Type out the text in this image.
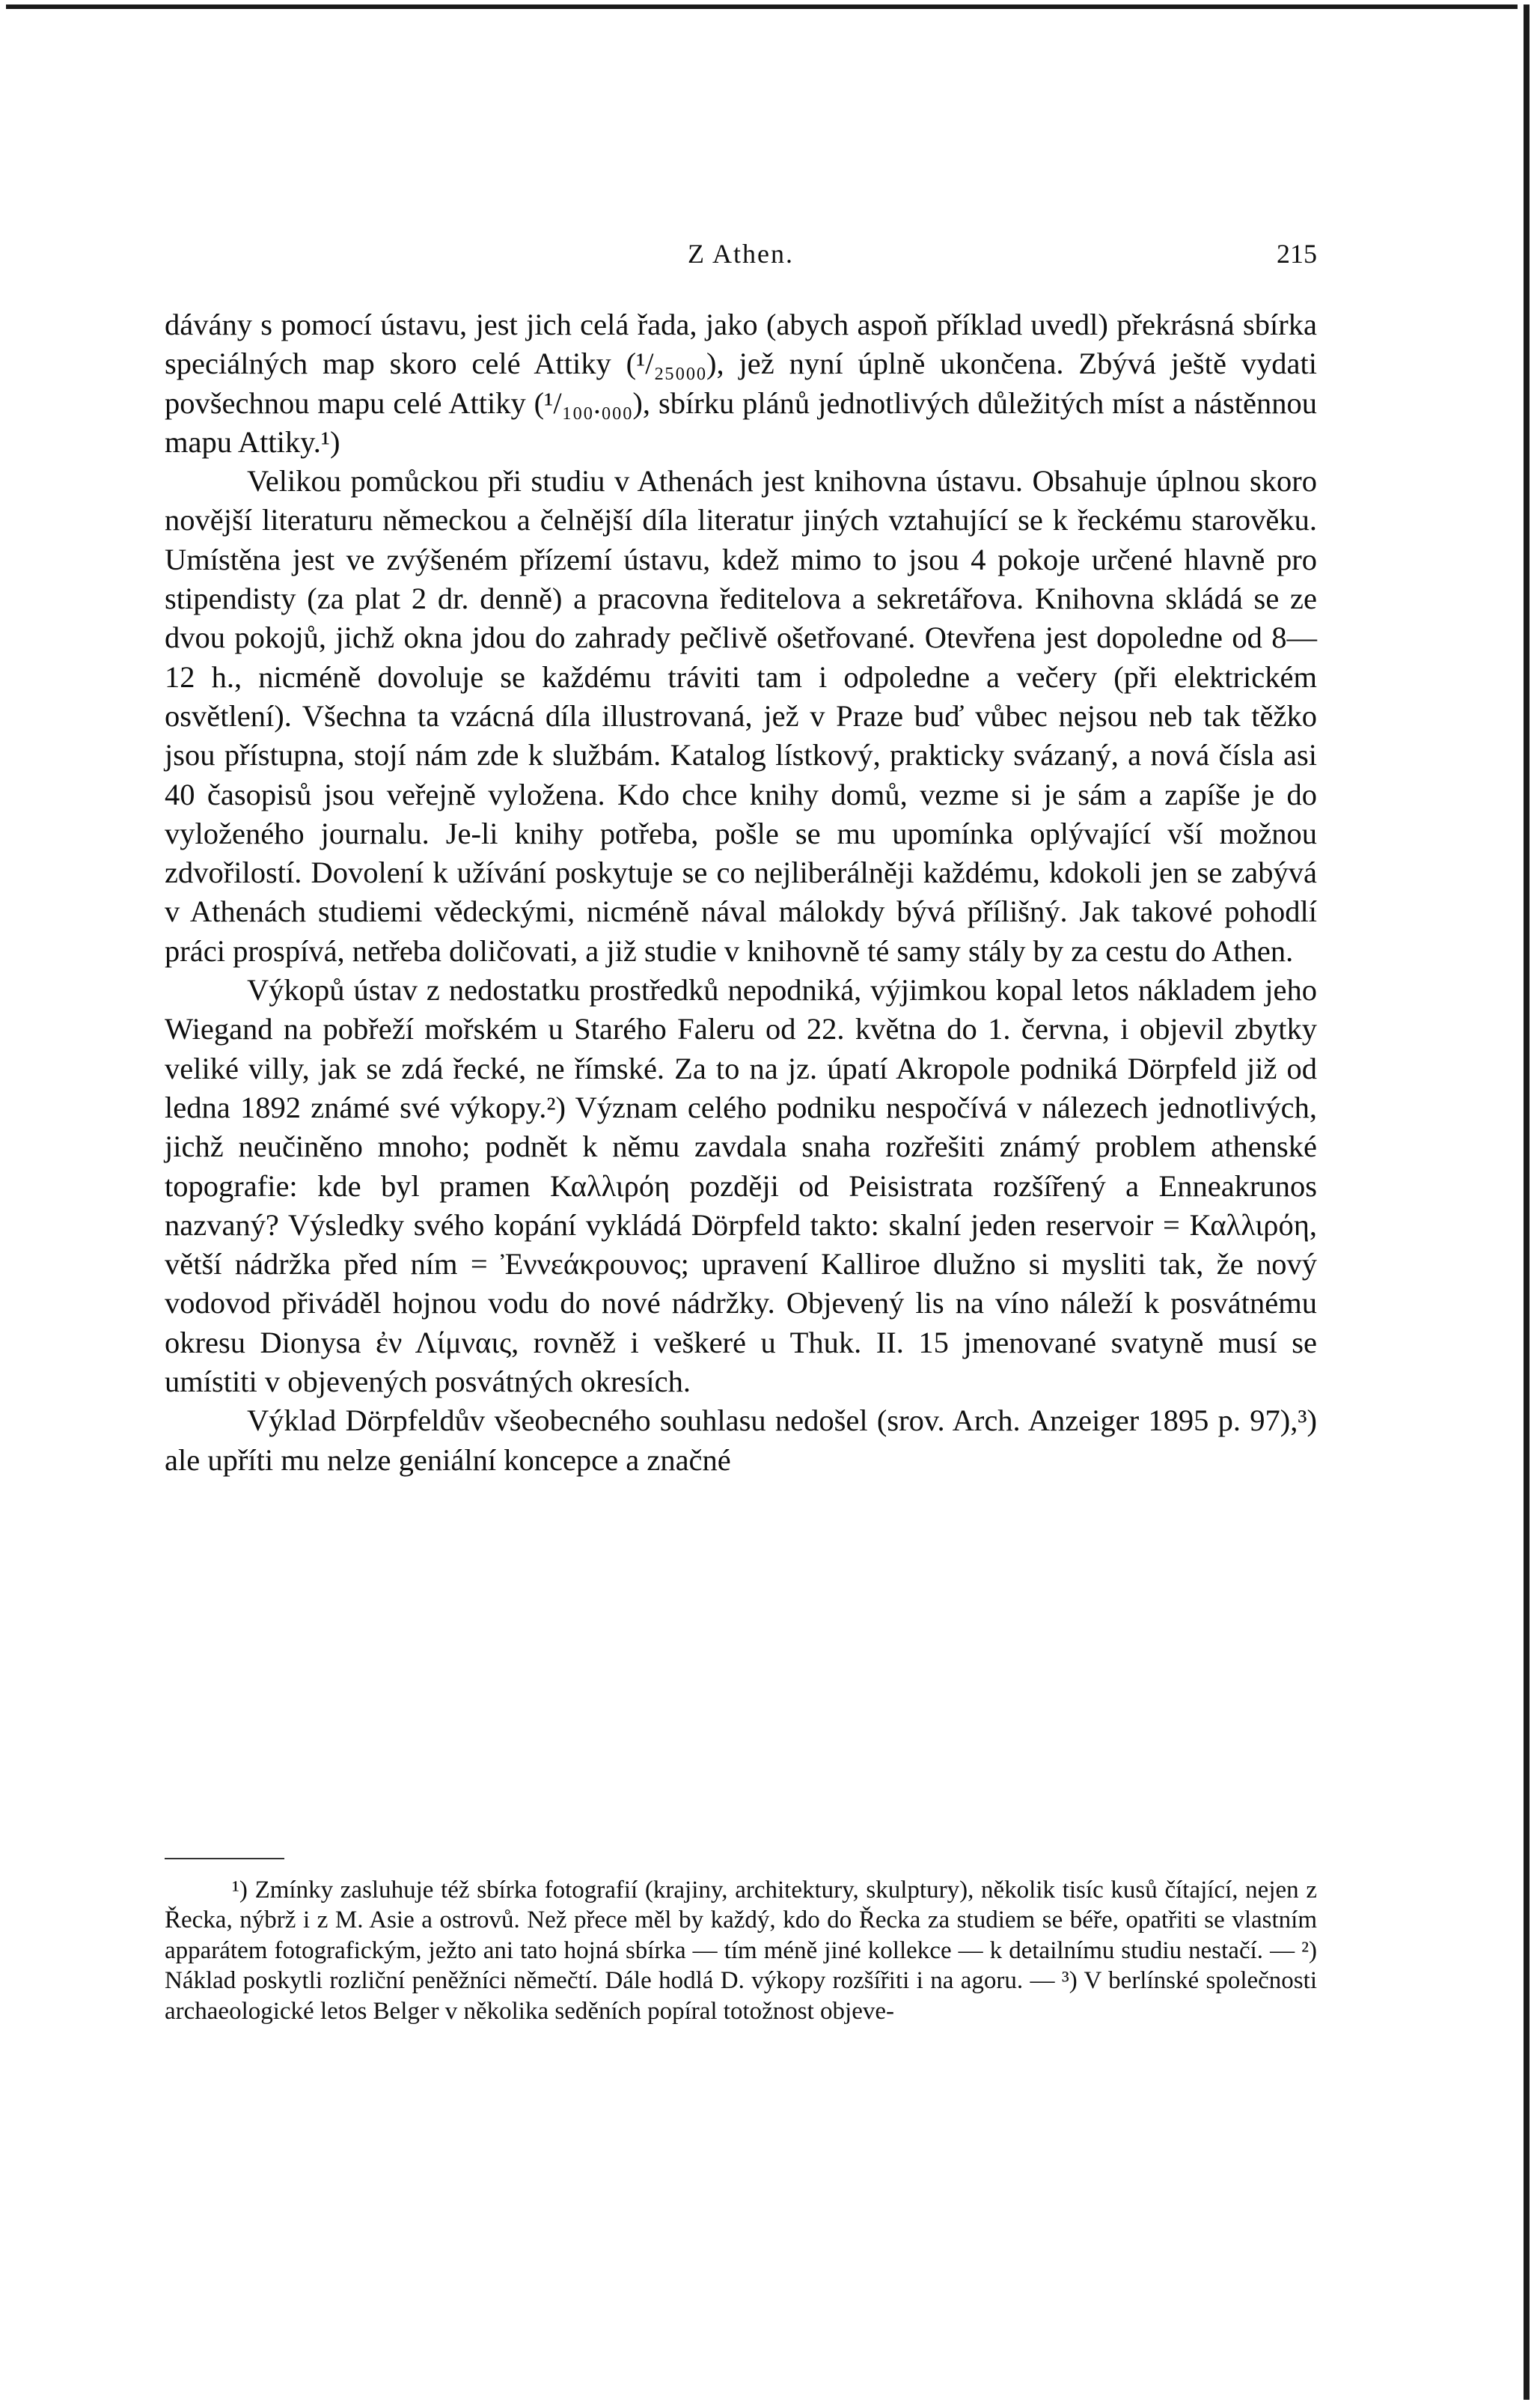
Z Athen.	215

dávány s pomocí ústavu, jest jich celá řada, jako (abych aspoň příklad uvedl) překrásná sbírka speciálných map skoro celé Attiky (¹/₂₅₀₀₀), jež nyní úplně ukončena. Zbývá ještě vydati povšechnou mapu celé Attiky (¹/₁₀₀.₀₀₀), sbírku plánů jednotlivých důležitých míst a nástěnnou mapu Attiky.¹)

Velikou pomůckou při studiu v Athenách jest knihovna ústavu. Obsahuje úplnou skoro novější literaturu německou a čelnější díla literatur jiných vztahující se k řeckému starověku. Umístěna jest ve zvýšeném přízemí ústavu, kdež mimo to jsou 4 pokoje určené hlavně pro stipendisty (za plat 2 dr. denně) a pracovna ředitelova a sekretářova. Knihovna skládá se ze dvou pokojů, jichž okna jdou do zahrady pečlivě ošetřované. Otevřena jest dopoledne od 8—12 h., nicméně dovoluje se každému tráviti tam i odpoledne a večery (při elektrickém osvětlení). Všechna ta vzácná díla illustrovaná, jež v Praze buď vůbec nejsou neb tak těžko jsou přístupna, stojí nám zde k službám. Katalog lístkový, prakticky svázaný, a nová čísla asi 40 časopisů jsou veřejně vyložena. Kdo chce knihy domů, vezme si je sám a zapíše je do vyloženého journalu. Je-li knihy potřeba, pošle se mu upomínka oplývající vší možnou zdvořilostí. Dovolení k užívání poskytuje se co nejliberálněji každému, kdokoli jen se zabývá v Athenách studiemi vědeckými, nicméně nával málokdy bývá přílišný. Jak takové pohodlí práci prospívá, netřeba doličovati, a již studie v knihovně té samy stály by za cestu do Athen.

Výkopů ústav z nedostatku prostředků nepodniká, výjimkou kopal letos nákladem jeho Wiegand na pobřeží mořském u Starého Faleru od 22. května do 1. června, i objevil zbytky veliké villy, jak se zdá řecké, ne římské. Za to na jz. úpatí Akropole podniká Dörpfeld již od ledna 1892 známé své výkopy.²) Význam celého podniku nespočívá v nálezech jednotlivých, jichž neučiněno mnoho; podnět k němu zavdala snaha rozřešiti známý problem athenské topografie: kde byl pramen Καλλιρόη později od Peisistrata rozšířený a Enneakrunos nazvaný? Výsledky svého kopání vykládá Dörpfeld takto: skalní jeden reservoir = Καλλιρόη, větší nádržka před ním = Ἐννεάκρουνος; upravení Kalliroe dlužno si mysliti tak, že nový vodovod přiváděl hojnou vodu do nové nádržky. Objevený lis na víno náleží k posvátnému okresu Dionysa ἐν Λίμναις, rovněž i veškeré u Thuk. II. 15 jmenované svatyně musí se umístiti v objevených posvátných okresích.

Výklad Dörpfeldův všeobecného souhlasu nedošel (srov. Arch. Anzeiger 1895 p. 97),³) ale upříti mu nelze geniální koncepce a značné

¹) Zmínky zasluhuje též sbírka fotografií (krajiny, architektury, skulptury), několik tisíc kusů čítající, nejen z Řecka, nýbrž i z M. Asie a ostrovů. Než přece měl by každý, kdo do Řecka za studiem se béře, opatřiti se vlastním apparátem fotografickým, ježto ani tato hojná sbírka — tím méně jiné kollekce — k detailnímu studiu nestačí. — ²) Náklad poskytli rozliční peněžníci němečtí. Dále hodlá D. výkopy rozšířiti i na agoru. — ³) V berlínské společnosti archaeologické letos Belger v několika seděních popíral totožnost objeve-
